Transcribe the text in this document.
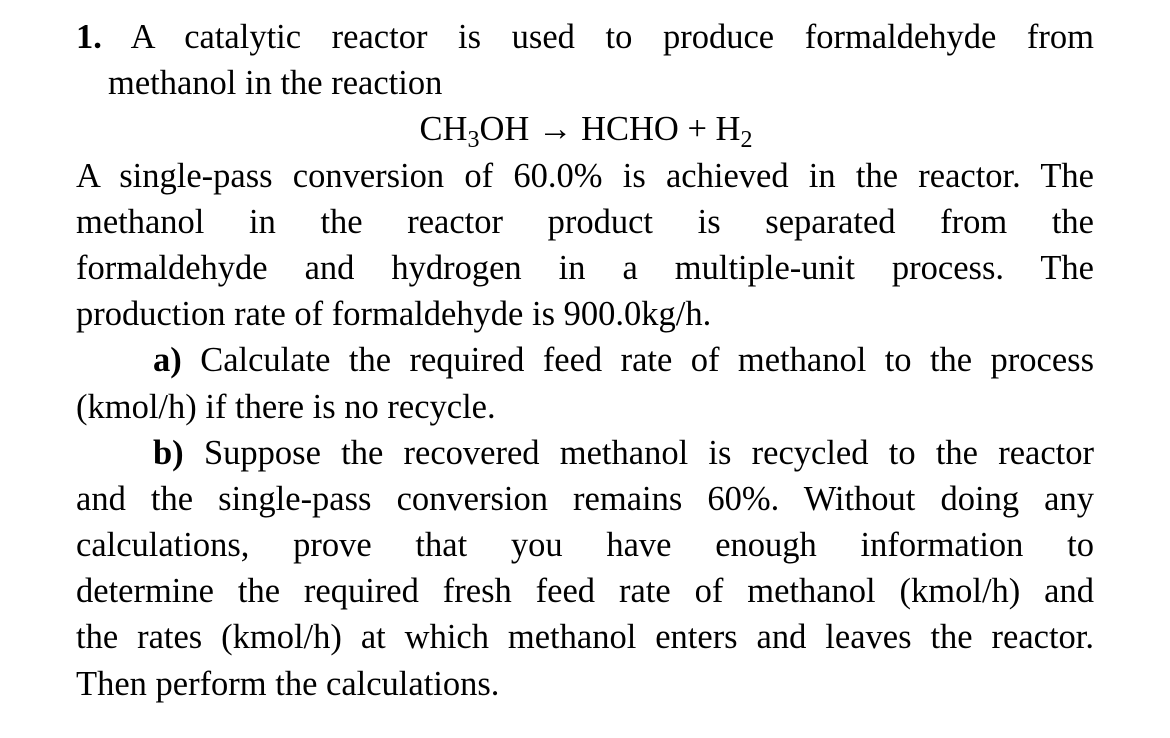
1. A catalytic reactor is used to produce formaldehyde from
methanol in the reaction
$CH_3OH$ → HCHO + $H_2$
A single-pass conversion of 60.0% is achieved in the reactor. The
methanol in the reactor product is separated from the
formaldehyde and hydrogen in a multiple-unit process. The
production rate of formaldehyde is 900.0kg/h.
a) Calculate the required feed rate of methanol to the process
(kmol/h) if there is no recycle.
b) Suppose the recovered methanol is recycled to the reactor
and the single-pass conversion remains 60%. Without doing any
calculations, prove that you have enough information to
determine the required fresh feed rate of methanol (kmol/h) and
the rates (kmol/h) at which methanol enters and leaves the reactor.
Then perform the calculations.
